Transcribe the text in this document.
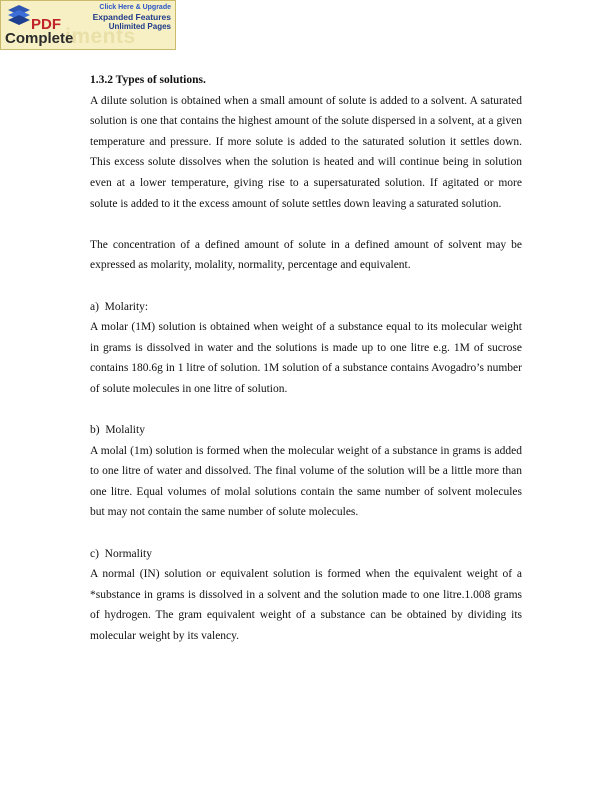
iments
PDF
Complete
Click Here & Upgrade
Expanded Features
Unlimited Pages

1.3.2 Types of solutions.

A dilute solution is obtained when a small amount of solute is added to a solvent. A saturated solution is one that contains the highest amount of the solute dispersed in a solvent, at a given temperature and pressure. If more solute is added to the saturated solution it settles down. This excess solute dissolves when the solution is heated and will continue being in solution even at a lower temperature, giving rise to a supersaturated solution. If agitated or more solute is added to it the excess amount of solute settles down leaving a saturated solution.

The concentration of a defined amount of solute in a defined amount of solvent may be expressed as molarity, molality, normality, percentage and equivalent.

a)  Molarity:

A molar (1M) solution is obtained when weight of a substance equal to its molecular weight in grams is dissolved in water and the solutions is made up to one litre e.g. 1M of sucrose contains 180.6g in 1 litre of solution. 1M solution of a substance contains Avogadro’s number of solute molecules in one litre of solution.

b)  Molality

A molal (1m) solution is formed when the molecular weight of a substance in grams is added to one litre of water and dissolved. The final volume of the solution will be a little more than one litre. Equal volumes of molal solutions contain the same number of solvent molecules but may not contain the same number of solute molecules.

c)  Normality

A normal (IN) solution or equivalent solution is formed when the equivalent weight of a *substance in grams is dissolved in a solvent and the solution made to one litre.1.008 grams of hydrogen. The gram equivalent weight of a substance can be obtained by dividing its molecular weight by its valency.
